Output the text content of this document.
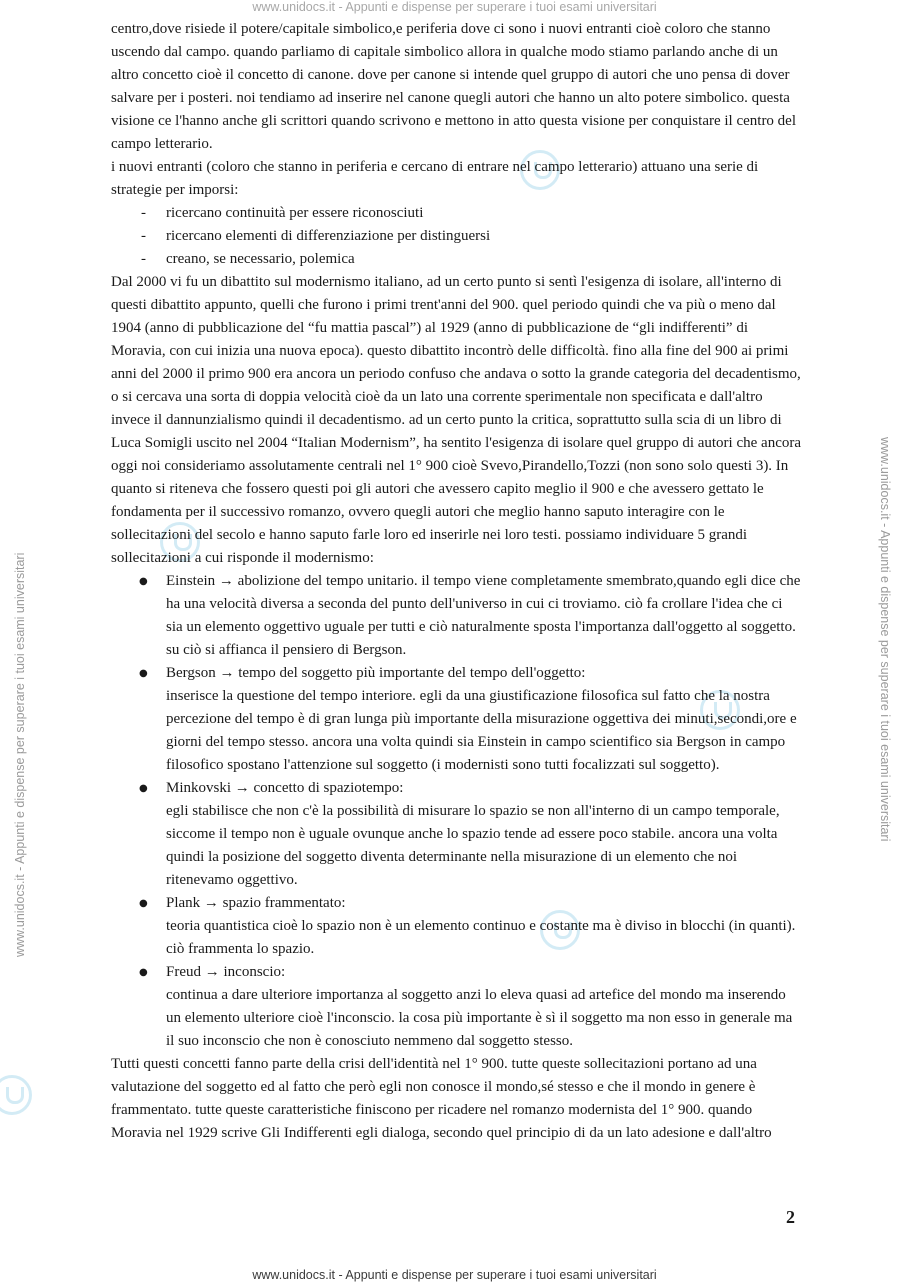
www.unidocs.it - Appunti e dispense per superare i tuoi esami universitari
www.unidocs.it - Appunti e dispense per superare i tuoi esami universitari	www.unidocs.it - Appunti e dispense per superare i tuoi esami universitari

centro,dove risiede il potere/capitale simbolico,e periferia dove ci sono i nuovi entranti cioè coloro che stanno uscendo dal campo. quando parliamo di capitale simbolico allora in qualche modo stiamo parlando anche di un altro concetto cioè il concetto di canone. dove per canone si intende quel gruppo di autori che uno pensa di dover salvare per i posteri. noi tendiamo ad inserire nel canone quegli autori che hanno un alto potere simbolico. questa visione ce l'hanno anche gli scrittori quando scrivono e mettono in atto questa visione per conquistare il centro del campo letterario.

i nuovi entranti (coloro che stanno in periferia e cercano di entrare nel campo letterario) attuano una serie di strategie per imporsi:

- ricercano continuità per essere riconosciuti
- ricercano elementi di differenziazione per distinguersi
- creano, se necessario, polemica

Dal 2000 vi fu un dibattito sul modernismo italiano, ad un certo punto si sentì l'esigenza di isolare, all'interno di questi dibattito appunto, quelli che furono i primi trent'anni del 900. quel periodo quindi che va più o meno dal 1904 (anno di pubblicazione del “fu mattia pascal”) al 1929 (anno di pubblicazione de “gli indifferenti” di Moravia, con cui inizia una nuova epoca). questo dibattito incontrò delle difficoltà. fino alla fine del 900 ai primi anni del 2000 il primo 900 era ancora un periodo confuso che andava o sotto la grande categoria del decadentismo, o si cercava una sorta di doppia velocità cioè da un lato una corrente sperimentale non specificata e dall'altro invece il dannunzialismo quindi il decadentismo. ad un certo punto la critica, soprattutto sulla scia di un libro di Luca Somigli uscito nel 2004 “Italian Modernism”, ha sentito l'esigenza di isolare quel gruppo di autori che ancora oggi noi consideriamo assolutamente centrali nel 1° 900 cioè Svevo,Pirandello,Tozzi (non sono solo questi 3). In quanto si riteneva che fossero questi poi gli autori che avessero capito meglio il 900 e che avessero gettato le fondamenta per il successivo romanzo, ovvero quegli autori che meglio hanno saputo interagire con le sollecitazioni del secolo e hanno saputo farle loro ed inserirle nei loro testi. possiamo individuare 5 grandi sollecitazioni a cui risponde il modernismo:

● Einstein → abolizione del tempo unitario. il tempo viene completamente smembrato,quando egli dice che ha una velocità diversa a seconda del punto dell'universo in cui ci troviamo. ciò fa crollare l'idea che ci sia un elemento oggettivo uguale per tutti e ciò naturalmente sposta l'importanza dall'oggetto al soggetto. su ciò si affianca il pensiero di Bergson.
● Bergson → tempo del soggetto più importante del tempo dell'oggetto:
inserisce la questione del tempo interiore. egli da una giustificazione filosofica sul fatto che la nostra percezione del tempo è di gran lunga più importante della misurazione oggettiva dei minuti,secondi,ore e giorni del tempo stesso. ancora una volta quindi sia Einstein in campo scientifico sia Bergson in campo filosofico spostano l'attenzione sul soggetto (i modernisti sono tutti focalizzati sul soggetto).
● Minkovski → concetto di spaziotempo:
egli stabilisce che non c'è la possibilità di misurare lo spazio se non all'interno di un campo temporale, siccome il tempo non è uguale ovunque anche lo spazio tende ad essere poco stabile. ancora una volta quindi la posizione del soggetto diventa determinante nella misurazione di un elemento che noi ritenevamo oggettivo.
● Plank → spazio frammentato:
teoria quantistica cioè lo spazio non è un elemento continuo e costante ma è diviso in blocchi (in quanti). ciò frammenta lo spazio.
● Freud → inconscio:
continua a dare ulteriore importanza al soggetto anzi lo eleva quasi ad artefice del mondo ma inserendo un elemento ulteriore cioè l'inconscio. la cosa più importante è sì il soggetto ma non esso in generale ma il suo inconscio che non è conosciuto nemmeno dal soggetto stesso.

Tutti questi concetti fanno parte della crisi dell'identità nel 1° 900. tutte queste sollecitazioni portano ad una valutazione del soggetto ed al fatto che però egli non conosce il mondo,sé stesso e che il mondo in genere è frammentato. tutte queste caratteristiche finiscono per ricadere nel romanzo modernista del 1° 900. quando Moravia nel 1929 scrive Gli Indifferenti egli dialoga, secondo quel principio di da un lato adesione e dall'altro

2
www.unidocs.it - Appunti e dispense per superare i tuoi esami universitari
